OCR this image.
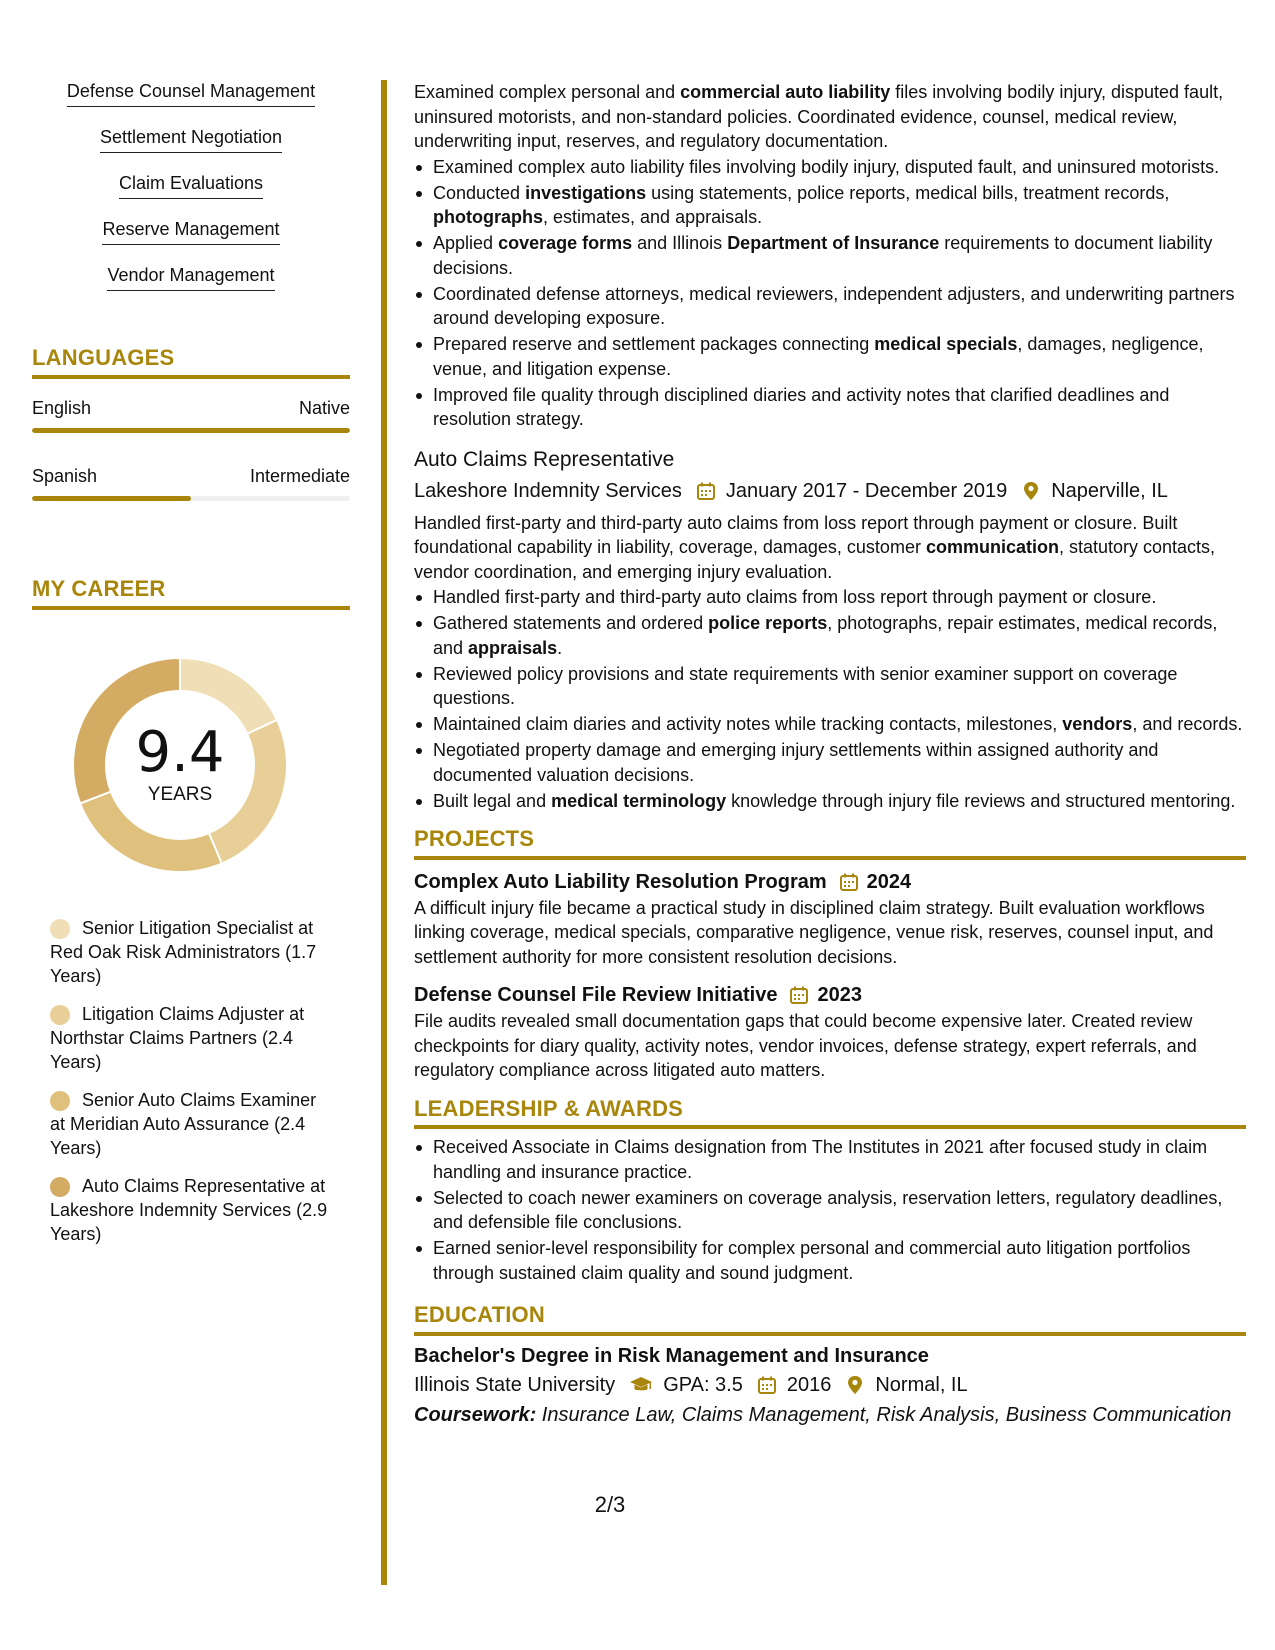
Defense Counsel Management
Settlement Negotiation
Claim Evaluations
Reserve Management
Vendor Management
LANGUAGES
English	Native
Spanish	Intermediate
MY CAREER
9.4
YEARS
Senior Litigation Specialist at Red Oak Risk Administrators (1.7 Years)
Litigation Claims Adjuster at Northstar Claims Partners (2.4 Years)
Senior Auto Claims Examiner at Meridian Auto Assurance (2.4 Years)
Auto Claims Representative at Lakeshore Indemnity Services (2.9 Years)

Examined complex personal and commercial auto liability files involving bodily injury, disputed fault, uninsured motorists, and non-standard policies. Coordinated evidence, counsel, medical review, underwriting input, reserves, and regulatory documentation.

Examined complex auto liability files involving bodily injury, disputed fault, and uninsured motorists.
Conducted investigations using statements, police reports, medical bills, treatment records, photographs, estimates, and appraisals.
Applied coverage forms and Illinois Department of Insurance requirements to document liability decisions.
Coordinated defense attorneys, medical reviewers, independent adjusters, and underwriting partners around developing exposure.
Prepared reserve and settlement packages connecting medical specials, damages, negligence, venue, and litigation expense.
Improved file quality through disciplined diaries and activity notes that clarified deadlines and resolution strategy.
Auto Claims Representative
Lakeshore Indemnity Services January 2017 - December 2019 Naperville, IL

Handled first-party and third-party auto claims from loss report through payment or closure. Built foundational capability in liability, coverage, damages, customer communication, statutory contacts, vendor coordination, and emerging injury evaluation.

Handled first-party and third-party auto claims from loss report through payment or closure.
Gathered statements and ordered police reports, photographs, repair estimates, medical records, and appraisals.
Reviewed policy provisions and state requirements with senior examiner support on coverage questions.
Maintained claim diaries and activity notes while tracking contacts, milestones, vendors, and records.
Negotiated property damage and emerging injury settlements within assigned authority and documented valuation decisions.
Built legal and medical terminology knowledge through injury file reviews and structured mentoring.
PROJECTS
Complex Auto Liability Resolution Program 2024

A difficult injury file became a practical study in disciplined claim strategy. Built evaluation workflows linking coverage, medical specials, comparative negligence, venue risk, reserves, counsel input, and settlement authority for more consistent resolution decisions.

Defense Counsel File Review Initiative 2023

File audits revealed small documentation gaps that could become expensive later. Created review checkpoints for diary quality, activity notes, vendor invoices, defense strategy, expert referrals, and regulatory compliance across litigated auto matters.

LEADERSHIP & AWARDS
Received Associate in Claims designation from The Institutes in 2021 after focused study in claim handling and insurance practice.
Selected to coach newer examiners on coverage analysis, reservation letters, regulatory deadlines, and defensible file conclusions.
Earned senior-level responsibility for complex personal and commercial auto litigation portfolios through sustained claim quality and sound judgment.
EDUCATION
Bachelor's Degree in Risk Management and Insurance
Illinois State University GPA: 3.5 2016 Normal, IL
Coursework: Insurance Law, Claims Management, Risk Analysis, Business Communication
2/3
